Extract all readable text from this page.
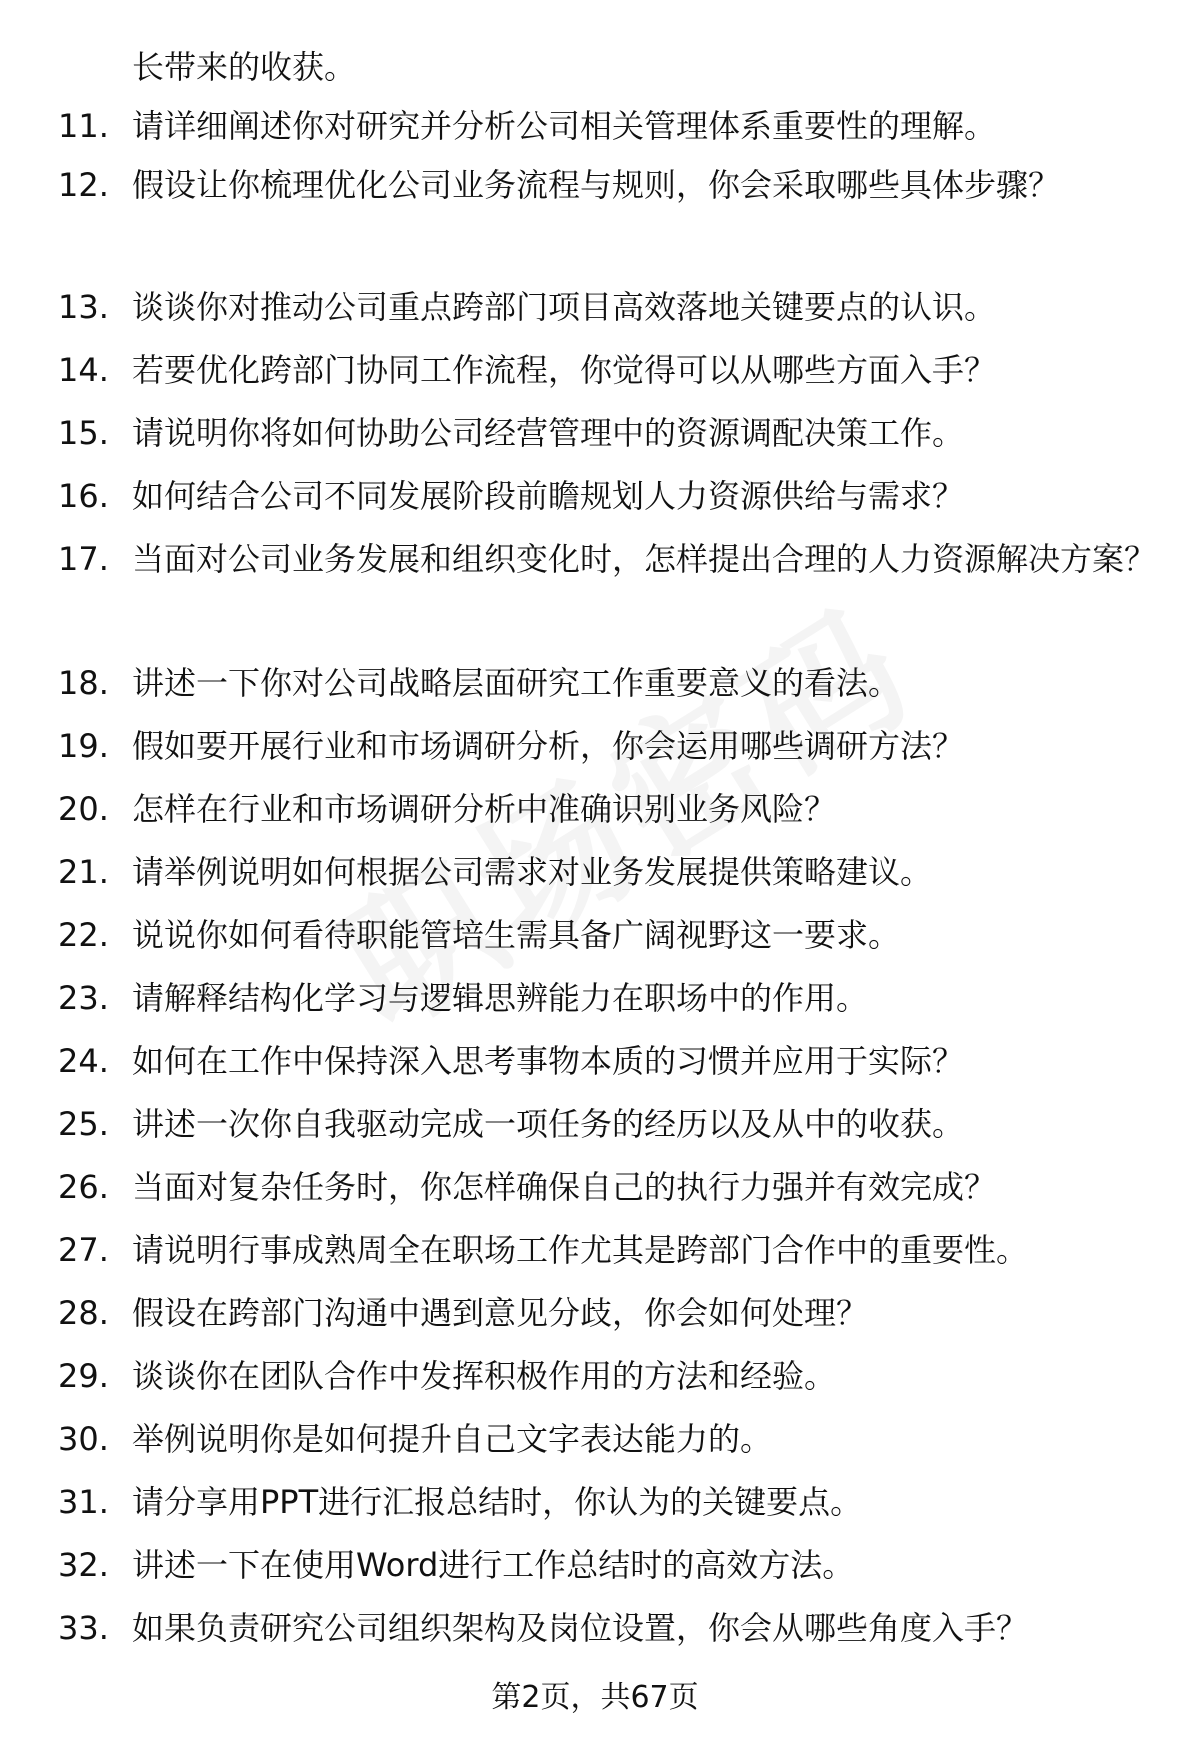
长带来的收获。
11. 请详细阐述你对研究并分析公司相关管理体系重要性的理解。
12. 假设让你梳理优化公司业务流程与规则，你会采取哪些具体步骤？
13. 谈谈你对推动公司重点跨部门项目高效落地关键要点的认识。
14. 若要优化跨部门协同工作流程，你觉得可以从哪些方面入手？
15. 请说明你将如何协助公司经营管理中的资源调配决策工作。
16. 如何结合公司不同发展阶段前瞻规划人力资源供给与需求？
17. 当面对公司业务发展和组织变化时，怎样提出合理的人力资源解决方案？
18. 讲述一下你对公司战略层面研究工作重要意义的看法。
19. 假如要开展行业和市场调研分析，你会运用哪些调研方法？
20. 怎样在行业和市场调研分析中准确识别业务风险？
21. 请举例说明如何根据公司需求对业务发展提供策略建议。
22. 说说你如何看待职能管培生需具备广阔视野这一要求。
23. 请解释结构化学习与逻辑思辨能力在职场中的作用。
24. 如何在工作中保持深入思考事物本质的习惯并应用于实际？
25. 讲述一次你自我驱动完成一项任务的经历以及从中的收获。
26. 当面对复杂任务时，你怎样确保自己的执行力强并有效完成？
27. 请说明行事成熟周全在职场工作尤其是跨部门合作中的重要性。
28. 假设在跨部门沟通中遇到意见分歧，你会如何处理？
29. 谈谈你在团队合作中发挥积极作用的方法和经验。
30. 举例说明你是如何提升自己文字表达能力的。
31. 请分享用PPT进行汇报总结时，你认为的关键要点。
32. 讲述一下在使用Word进行工作总结时的高效方法。
33. 如果负责研究公司组织架构及岗位设置，你会从哪些角度入手？
第2页，共67页
